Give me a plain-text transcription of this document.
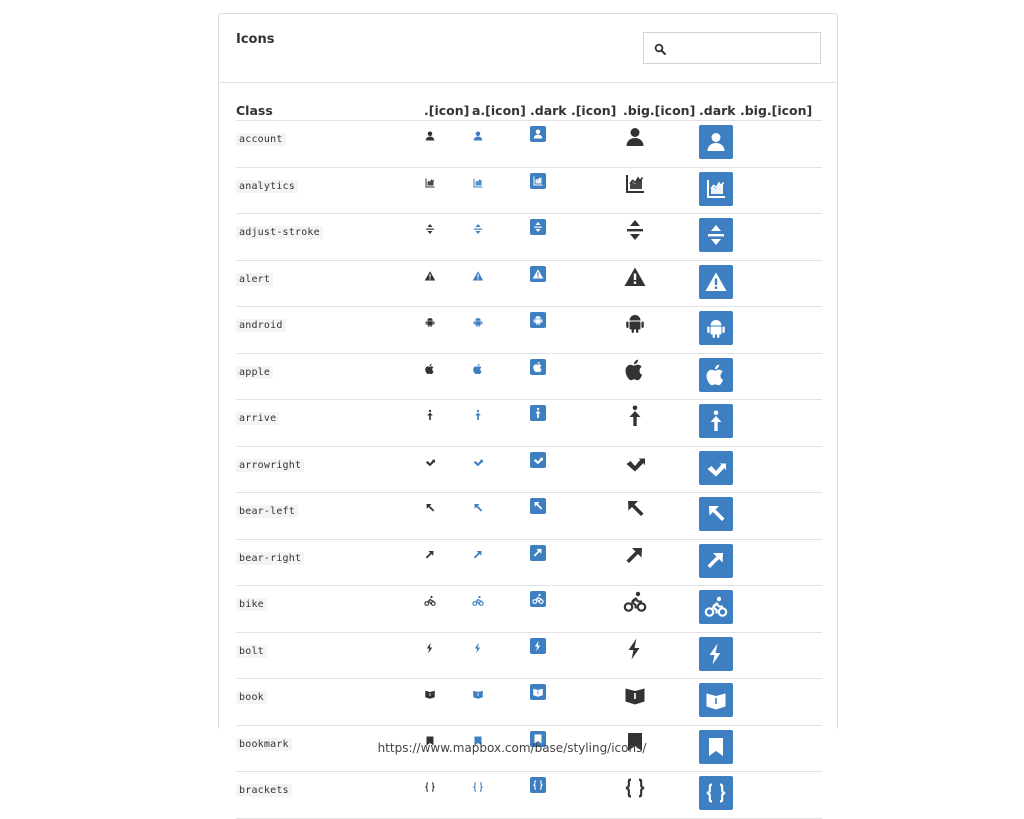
Icons
Class	.[icon]	a.[icon]	.dark .[icon]	.big.[icon]	.dark .big.[icon]
account	

analytics	

adjust-stroke	

alert	

android	

apple	

arrive	

arrowright	

bear-left	

bear-right	

bike	

bolt	

book	

bookmark	

brackets	

https://www.mapbox.com/base/styling/icons/
